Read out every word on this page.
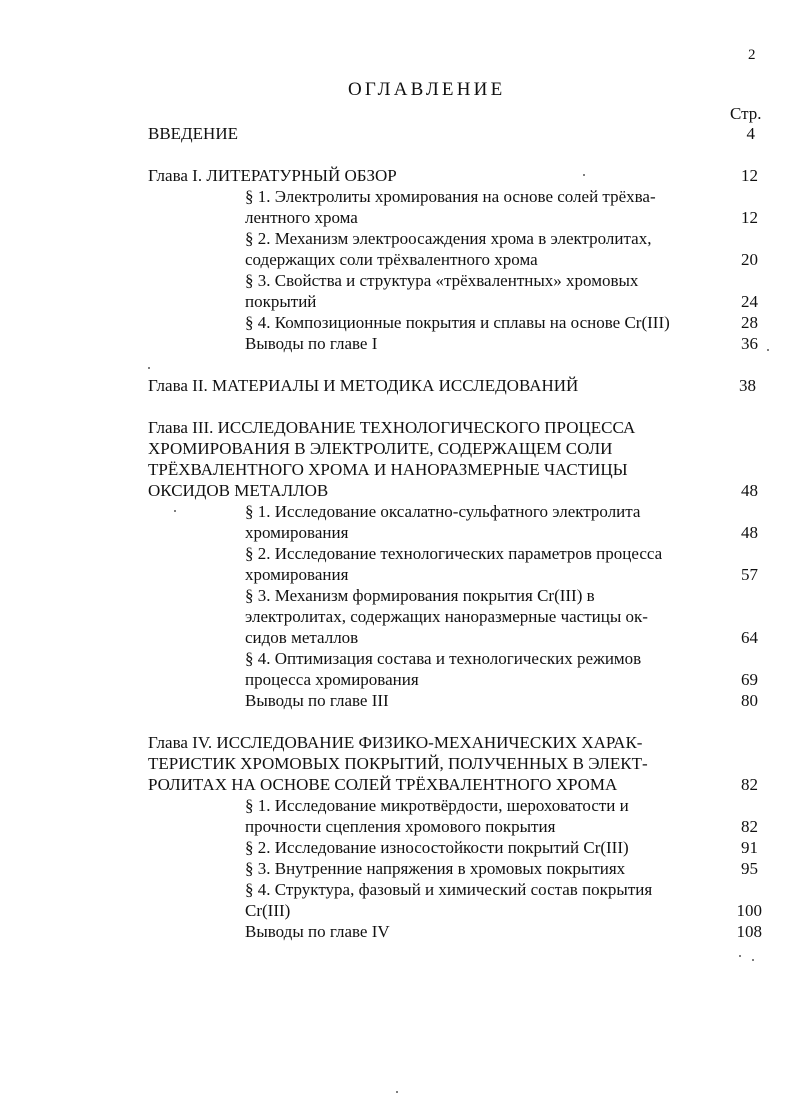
2
ОГЛАВЛЕНИЕ
Стр.
ВВЕДЕНИЕ	4
Глава I. ЛИТЕРАТУРНЫЙ ОБЗОР	12
§ 1. Электролиты хромирования на основе солей трёхва-
лентного хрома	12
§ 2. Механизм электроосаждения хрома в электролитах,
содержащих соли трёхвалентного хрома	20
§ 3. Свойства и структура «трёхвалентных» хромовых
покрытий	24
§ 4. Композиционные покрытия и сплавы на основе Cr(III)	28
Выводы по главе I	36
Глава II. МАТЕРИАЛЫ И МЕТОДИКА ИССЛЕДОВАНИЙ	38
Глава III. ИССЛЕДОВАНИЕ ТЕХНОЛОГИЧЕСКОГО ПРОЦЕССА
ХРОМИРОВАНИЯ В ЭЛЕКТРОЛИТЕ, СОДЕРЖАЩЕМ СОЛИ
ТРЁХВАЛЕНТНОГО ХРОМА И НАНОРАЗМЕРНЫЕ ЧАСТИЦЫ
ОКСИДОВ МЕТАЛЛОВ	48
§ 1. Исследование оксалатно-сульфатного электролита
хромирования	48
§ 2. Исследование технологических параметров процесса
хромирования	57
§ 3. Механизм формирования покрытия Cr(III) в
электролитах, содержащих наноразмерные частицы ок-
сидов металлов	64
§ 4. Оптимизация состава и технологических режимов
процесса хромирования	69
Выводы по главе III	80
Глава IV. ИССЛЕДОВАНИЕ ФИЗИКО-МЕХАНИЧЕСКИХ ХАРАК-
ТЕРИСТИК ХРОМОВЫХ ПОКРЫТИЙ, ПОЛУЧЕННЫХ В ЭЛЕКТ-
РОЛИТАХ НА ОСНОВЕ СОЛЕЙ ТРЁХВАЛЕНТНОГО ХРОМА	82
§ 1. Исследование микротвёрдости, шероховатости и
прочности сцепления хромового покрытия	82
§ 2. Исследование износостойкости покрытий Cr(III)	91
§ 3. Внутренние напряжения в хромовых покрытиях	95
§ 4. Структура, фазовый и химический состав покрытия
Cr(III)	100
Выводы по главе IV	108
